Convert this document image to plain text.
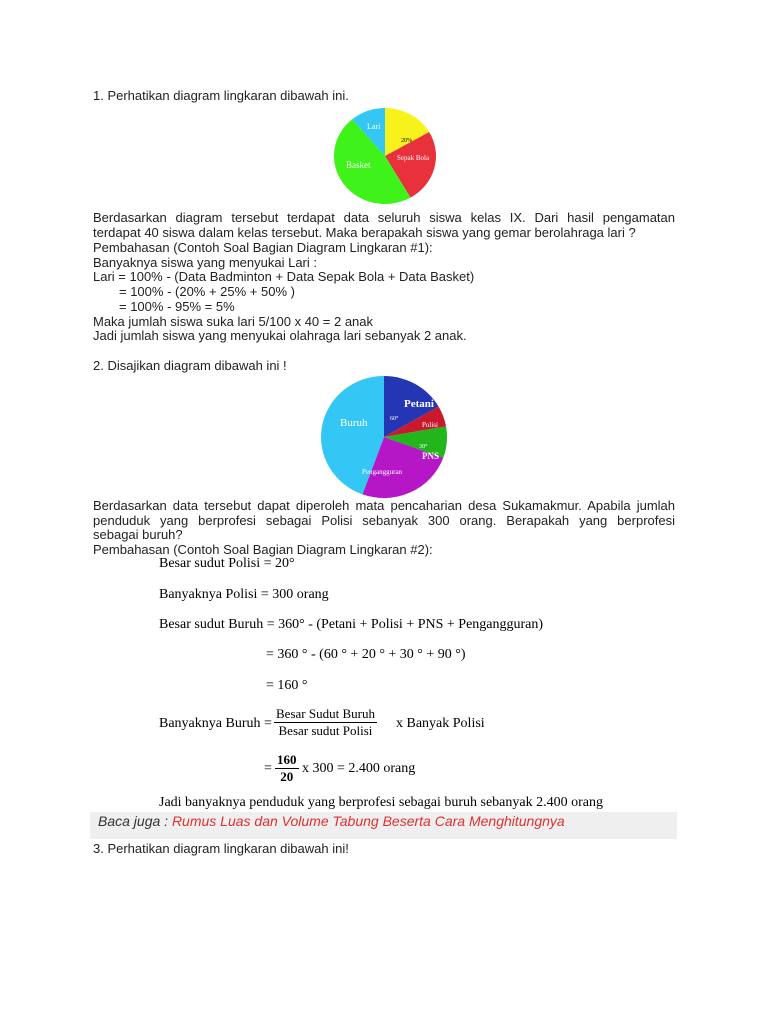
1. Perhatikan diagram lingkaran dibawah ini.
Lari Badminton
20%
Sepak Bola
Basket
Berdasarkan diagram tersebut terdapat data seluruh siswa kelas IX. Dari hasil pengamatan
terdapat 40 siswa dalam kelas tersebut. Maka berapakah siswa yang gemar berolahraga lari ?
Pembahasan (Contoh Soal Bagian Diagram Lingkaran #1):
Banyaknya siswa yang menyukai Lari :
Lari = 100% - (Data Badminton + Data Sepak Bola + Data Basket)
= 100% - (20% + 25% + 50% )
= 100% - 95% = 5%
Maka jumlah siswa suka lari 5/100 x 40 = 2 anak
Jadi jumlah siswa yang menyukai olahraga lari sebanyak 2 anak.
2. Disajikan diagram dibawah ini !
Petani
60°
Polisi
30°
PNS
Buruh
Pengangguran
Berdasarkan data tersebut dapat diperoleh mata pencaharian desa Sukamakmur. Apabila jumlah
penduduk yang berprofesi sebagai Polisi sebanyak 300 orang. Berapakah yang berprofesi
sebagai buruh?
Pembahasan (Contoh Soal Bagian Diagram Lingkaran #2):
Besar sudut Polisi = 20°
Banyaknya Polisi = 300 orang
Besar sudut Buruh = 360° - (Petani + Polisi + PNS + Pengangguran)
= 360 ° - (60 ° + 20 ° + 30 ° + 90 °)
= 160 °
Banyaknya Buruh =
Besar Sudut Buruh
Besar sudut Polisi	x Banyak Polisi
= $\frac{160}{20}$ x 300 = 2.400 orang
Jadi banyaknya penduduk yang berprofesi sebagai buruh sebanyak 2.400 orang
Baca juga : Rumus Luas dan Volume Tabung Beserta Cara Menghitungnya
3. Perhatikan diagram lingkaran dibawah ini!
